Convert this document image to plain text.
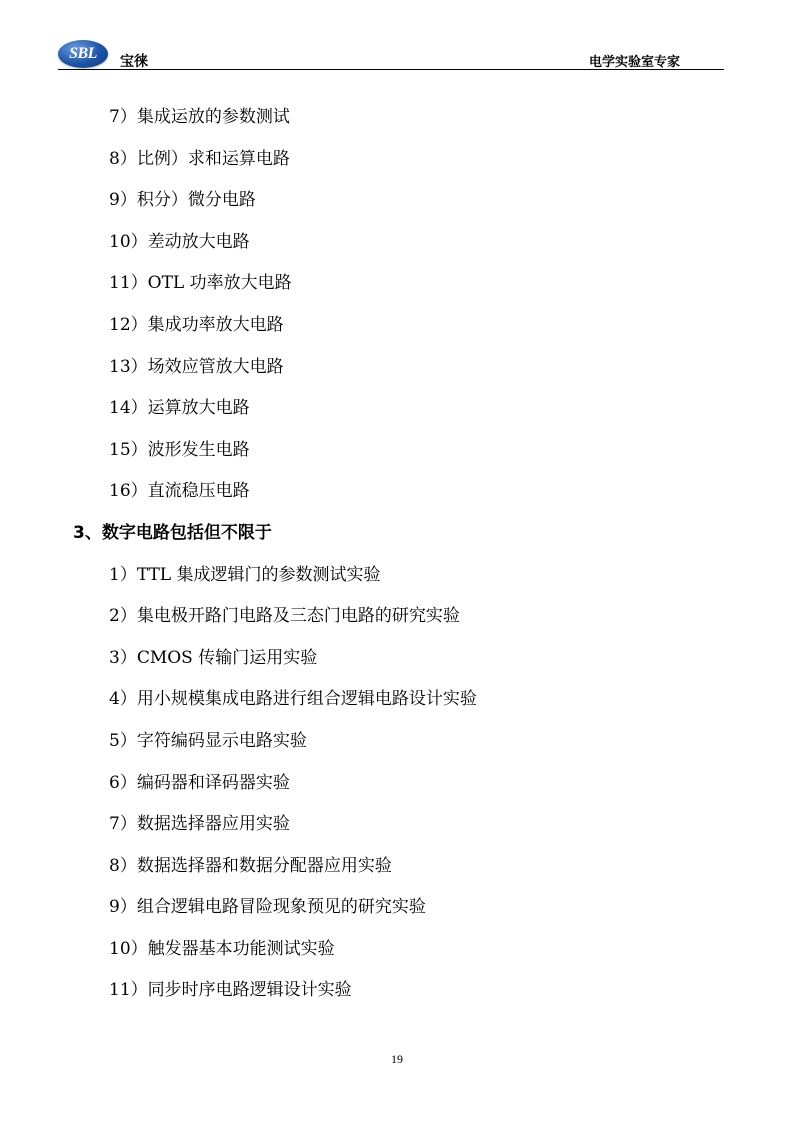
SBL	宝徕	电学实验室专家
7）集成运放的参数测试
8）比例）求和运算电路
9）积分）微分电路
10）差动放大电路
11）OTL 功率放大电路
12）集成功率放大电路
13）场效应管放大电路
14）运算放大电路
15）波形发生电路
16）直流稳压电路
3、数字电路包括但不限于
1）TTL 集成逻辑门的参数测试实验
2）集电极开路门电路及三态门电路的研究实验
3）CMOS 传输门运用实验
4）用小规模集成电路进行组合逻辑电路设计实验
5）字符编码显示电路实验
6）编码器和译码器实验
7）数据选择器应用实验
8）数据选择器和数据分配器应用实验
9）组合逻辑电路冒险现象预见的研究实验
10）触发器基本功能测试实验
11）同步时序电路逻辑设计实验
19
